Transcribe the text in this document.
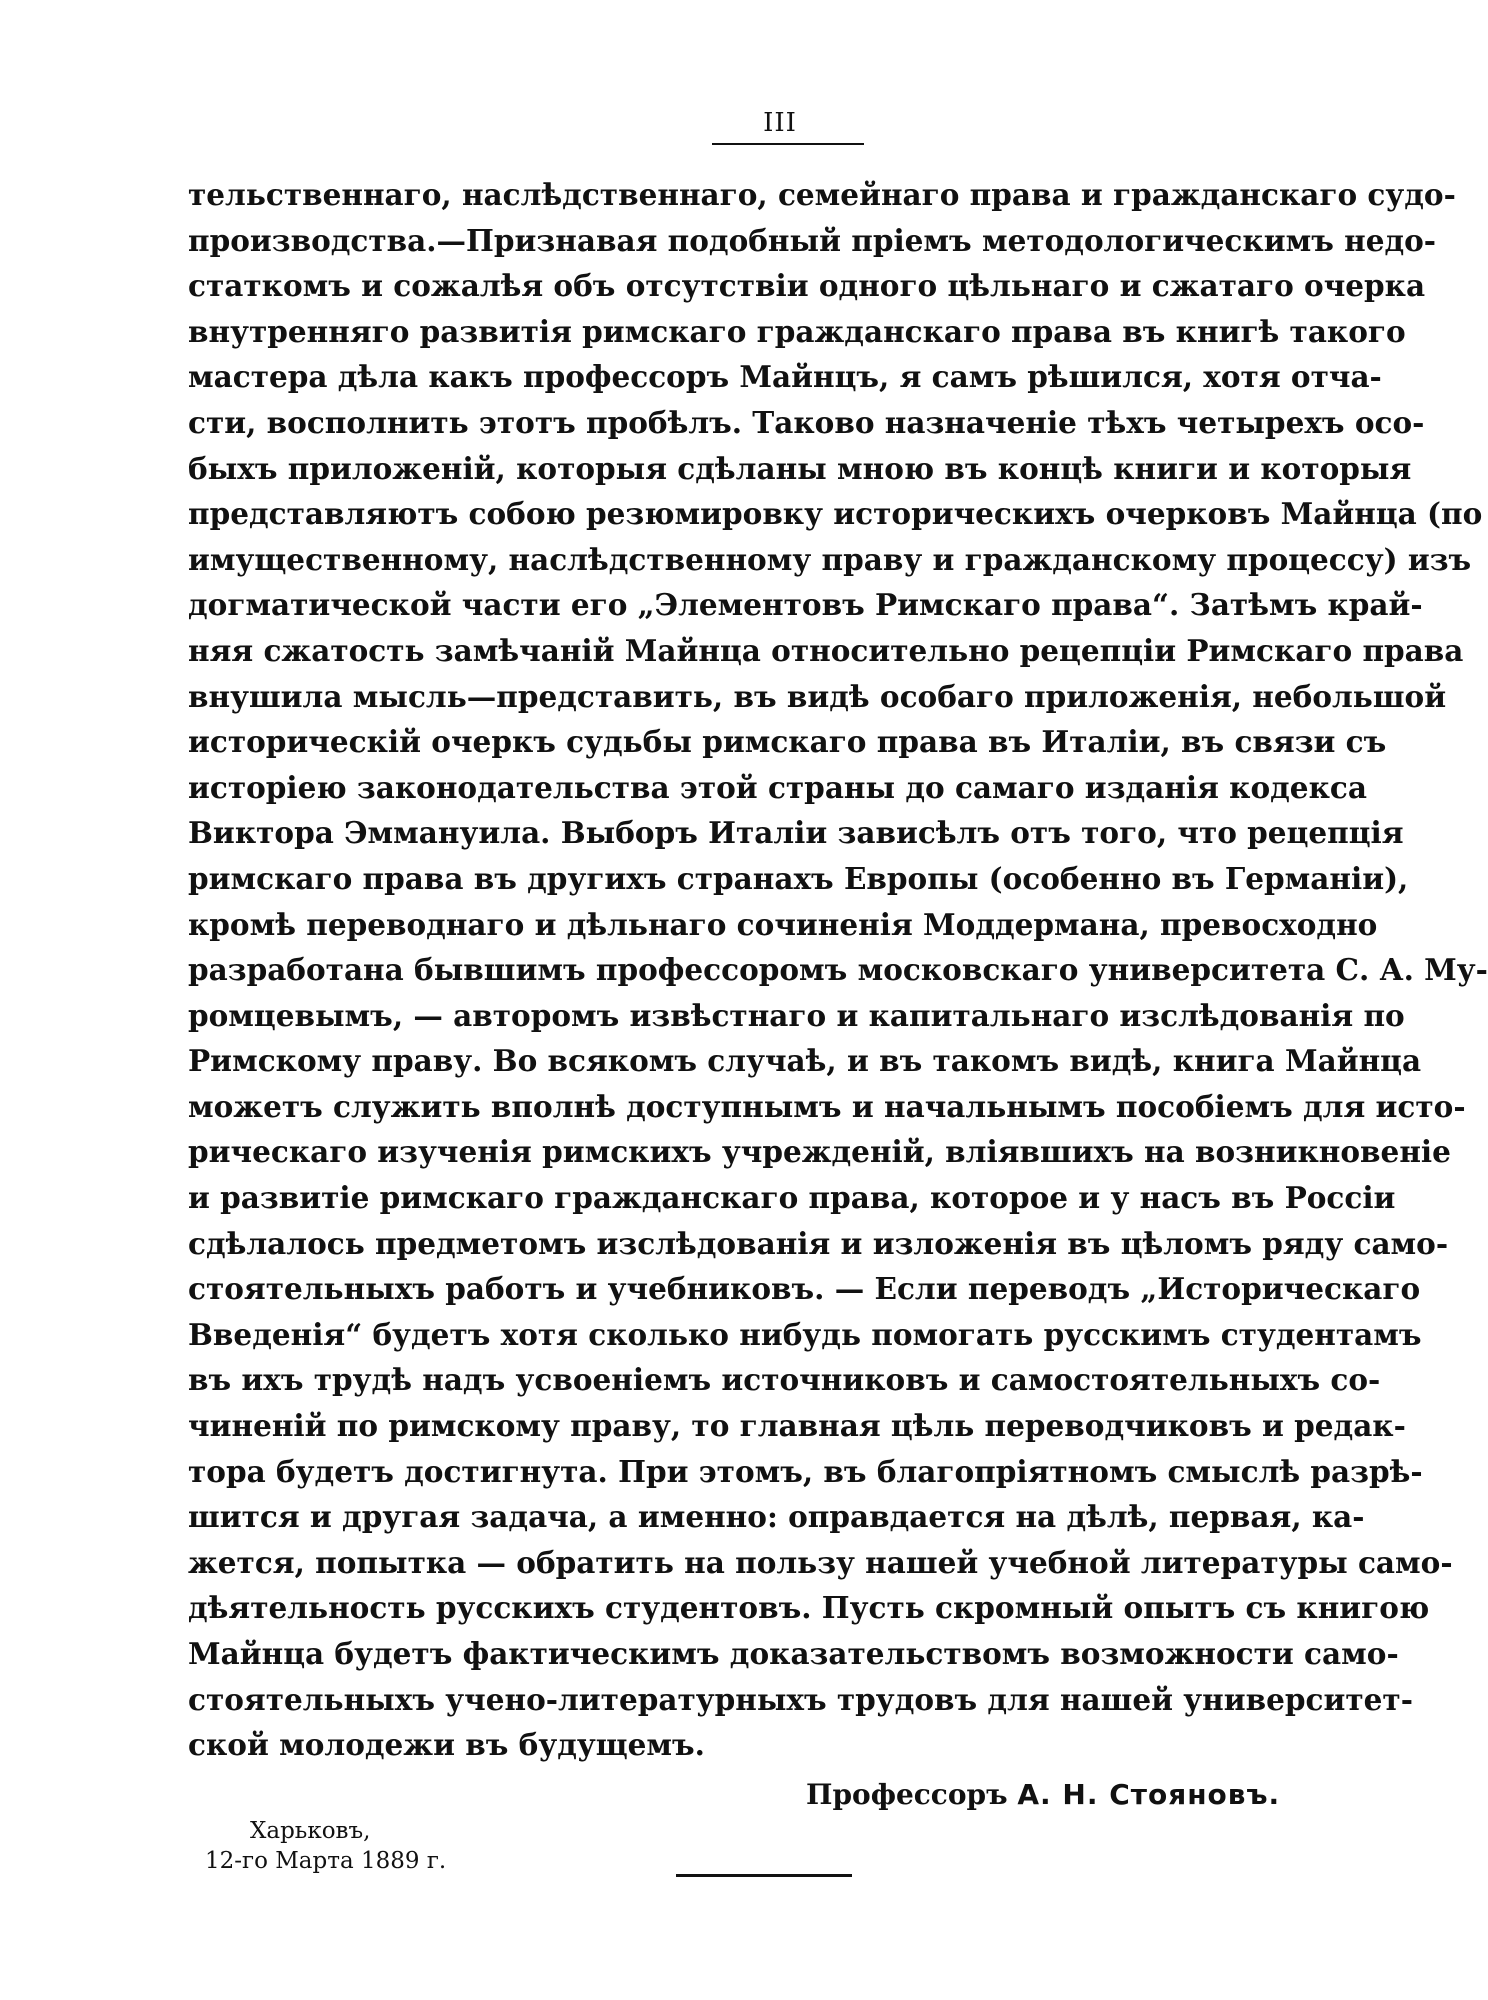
III
тельственнаго, наслѣдственнаго, семейнаго права и гражданскаго судо-
производства.—Признавая подобный пріемъ методологическимъ недо-
статкомъ и сожалѣя объ отсутствіи одного цѣльнаго и сжатаго очерка
внутренняго развитія римскаго гражданскаго права въ книгѣ такого
мастера дѣла какъ профессоръ Майнцъ, я самъ рѣшился, хотя отча-
сти, восполнить этотъ пробѣлъ. Таково назначеніе тѣхъ четырехъ осо-
быхъ приложеній, которыя сдѣланы мною въ концѣ книги и которыя
представляютъ собою резюмировку историческихъ очерковъ Майнца (по
имущественному, наслѣдственному праву и гражданскому процессу) изъ
догматической части его „Элементовъ Римскаго права“. Затѣмъ край-
няя сжатость замѣчаній Майнца относительно рецепціи Римскаго права
внушила мысль—представить, въ видѣ особаго приложенія, небольшой
историческій очеркъ судьбы римскаго права въ Италіи, въ связи съ
исторіею законодательства этой страны до самаго изданія кодекса
Виктора Эммануила. Выборъ Италіи зависѣлъ отъ того, что рецепція
римскаго права въ другихъ странахъ Европы (особенно въ Германіи),
кромѣ переводнаго и дѣльнаго сочиненія Моддермана, превосходно
разработана бывшимъ профессоромъ московскаго университета С. А. Му-
ромцевымъ, — авторомъ извѣстнаго и капитальнаго изслѣдованія по
Римскому праву. Во всякомъ случаѣ, и въ такомъ видѣ, книга Майнца
можетъ служить вполнѣ доступнымъ и начальнымъ пособіемъ для исто-
рическаго изученія римскихъ учрежденій, вліявшихъ на возникновеніе
и развитіе римскаго гражданскаго права, которое и у насъ въ Россіи
сдѣлалось предметомъ изслѣдованія и изложенія въ цѣломъ ряду само-
стоятельныхъ работъ и учебниковъ. — Если переводъ „Историческаго
Введенія“ будетъ хотя сколько нибудь помогать русскимъ студентамъ
въ ихъ трудѣ надъ усвоеніемъ источниковъ и самостоятельныхъ со-
чиненій по римскому праву, то главная цѣль переводчиковъ и редак-
тора будетъ достигнута. При этомъ, въ благопріятномъ смыслѣ разрѣ-
шится и другая задача, а именно: оправдается на дѣлѣ, первая, ка-
жется, попытка — обратить на пользу нашей учебной литературы само-
дѣятельность русскихъ студентовъ. Пусть скромный опытъ съ книгою
Майнца будетъ фактическимъ доказательствомъ возможности само-
стоятельныхъ учено-литературныхъ трудовъ для нашей университет-
ской молодежи въ будущемъ.
Профессоръ А. Н. Стояновъ.
Харьковъ,
12-го Марта 1889 г.
